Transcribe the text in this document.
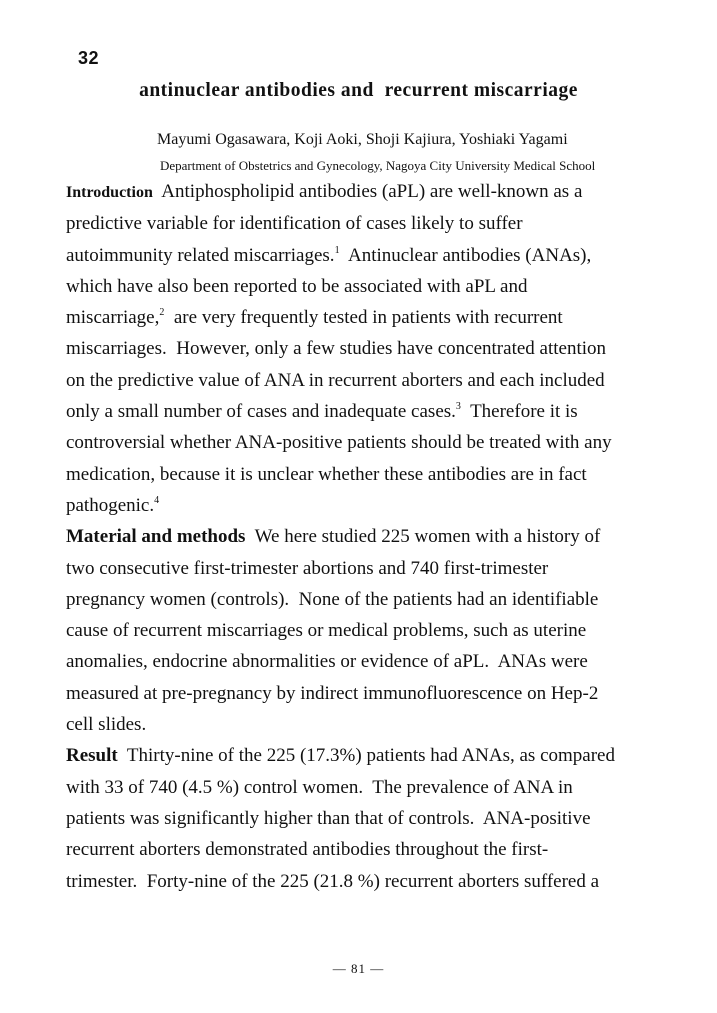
32
antinuclear antibodies and  recurrent miscarriage
Mayumi Ogasawara, Koji Aoki, Shoji Kajiura, Yoshiaki Yagami
Department of Obstetrics and Gynecology, Nagoya City University Medical School

Introduction Antiphospholipid antibodies (aPL) are well-known as a
predictive variable for identification of cases likely to suffer
autoimmunity related miscarriages.$^1$ Antinuclear antibodies (ANAs),
which have also been reported to be associated with aPL and
miscarriage,$^2$ are very frequently tested in patients with recurrent
miscarriages.  However, only a few studies have concentrated attention
on the predictive value of ANA in recurrent aborters and each included
only a small number of cases and inadequate cases.$^3$ Therefore it is
controversial whether ANA-positive patients should be treated with any
medication, because it is unclear whether these antibodies are in fact
pathogenic.$^4$

Material and methods We here studied 225 women with a history of
two consecutive first-trimester abortions and 740 first-trimester
pregnancy women (controls).  None of the patients had an identifiable
cause of recurrent miscarriages or medical problems, such as uterine
anomalies, endocrine abnormalities or evidence of aPL.  ANAs were
measured at pre-pregnancy by indirect immunofluorescence on Hep-2
cell slides.

Result Thirty-nine of the 225 (17.3%) patients had ANAs, as compared
with 33 of 740 (4.5 %) control women.  The prevalence of ANA in
patients was significantly higher than that of controls.  ANA-positive
recurrent aborters demonstrated antibodies throughout the first-
trimester.  Forty-nine of the 225 (21.8 %) recurrent aborters suffered a

— 81 —
